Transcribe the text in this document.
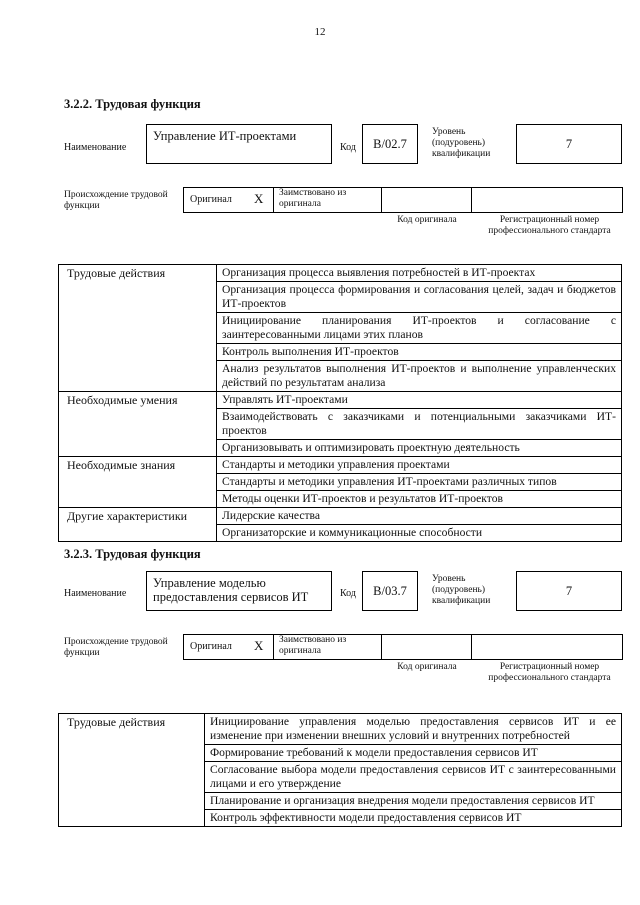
12
3.2.2. Трудовая функция
Наименование
Управление ИТ-проектами
Код	B/02.7
Уровень (подуровень) квалификации
7
Происхождение трудовой функции
Оригинал X Заимствовано из оригинала
Код оригинала	Регистрационный номер профессионального стандарта
Трудовые действия	Организация процесса выявления потребностей в ИТ-проектах
	Организация процесса формирования и согласования целей, задач и бюджетов ИТ-проектов
	Инициирование планирования ИТ-проектов и согласование с заинтересованными лицами этих планов
	Контроль выполнения ИТ-проектов
	Анализ результатов выполнения ИТ-проектов и выполнение управленческих действий по результатам анализа
Необходимые умения	Управлять ИТ-проектами
	Взаимодействовать с заказчиками и потенциальными заказчиками ИТ-проектов
	Организовывать и оптимизировать проектную деятельность
Необходимые знания	Стандарты и методики управления проектами
	Стандарты и методики управления ИТ-проектами различных типов
	Методы оценки ИТ-проектов и результатов ИТ-проектов
Другие характеристики	Лидерские качества
	Организаторские и коммуникационные способности
3.2.3. Трудовая функция
Наименование
Управление моделью предоставления сервисов ИТ	Код	B/03.7
Уровень (подуровень) квалификации
7
Происхождение трудовой функции
Оригинал X Заимствовано из оригинала
Код оригинала	Регистрационный номер профессионального стандарта
Трудовые действия	Инициирование управления моделью предоставления сервисов ИТ и ее изменение при изменении внешних условий и внутренних потребностей
Формирование требований к модели предоставления сервисов ИТ
Согласование выбора модели предоставления сервисов ИТ с заинтересованными лицами и его утверждение
Планирование и организация внедрения модели предоставления сервисов ИТ
Контроль эффективности модели предоставления сервисов ИТ
